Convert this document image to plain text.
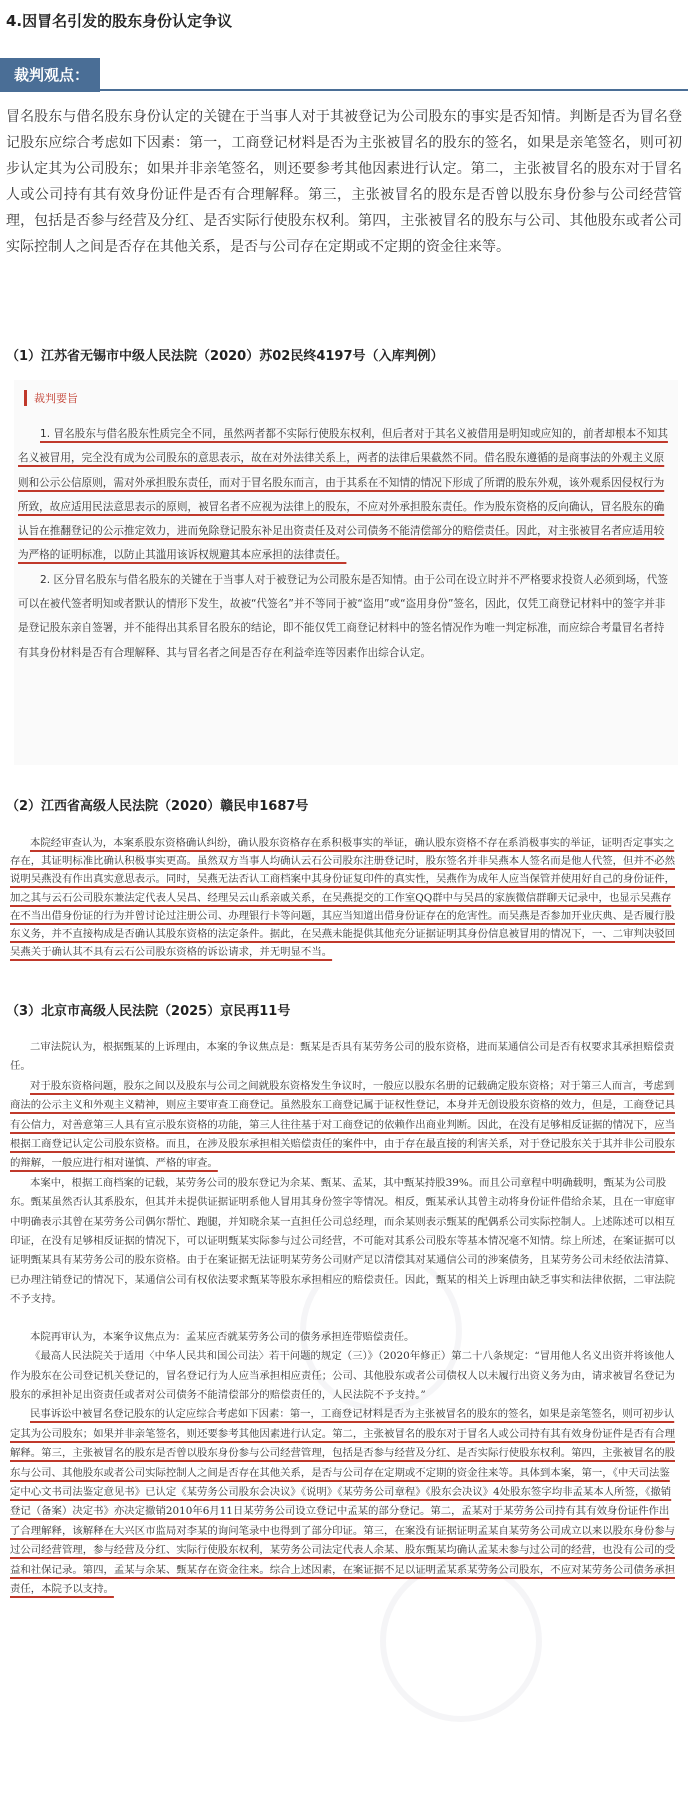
4.因冒名引发的股东身份认定争议
裁判观点：
冒名股东与借名股东身份认定的关键在于当事人对于其被登记为公司股东的事实是否知情。判断是否为冒名登记股东应综合考虑如下因素：第一，工商登记材料是否为主张被冒名的股东的签名，如果是亲笔签名，则可初步认定其为公司股东；如果并非亲笔签名，则还要参考其他因素进行认定。第二，主张被冒名的股东对于冒名人或公司持有其有效身份证件是否有合理解释。第三，主张被冒名的股东是否曾以股东身份参与公司经营管理，包括是否参与经营及分红、是否实际行使股东权利。第四，主张被冒名的股东与公司、其他股东或者公司实际控制人之间是否存在其他关系，是否与公司存在定期或不定期的资金往来等。
（1）江苏省无锡市中级人民法院（2020）苏02民终4197号（入库判例）
裁判要旨

1. 冒名股东与借名股东性质完全不同，虽然两者都不实际行使股东权利，但后者对于其名义被借用是明知或应知的，前者却根本不知其名义被冒用，完全没有成为公司股东的意思表示，故在对外法律关系上，两者的法律后果截然不同。借名股东遵循的是商事法的外观主义原则和公示公信原则，需对外承担股东责任，而对于冒名股东而言，由于其系在不知情的情况下形成了所谓的股东外观，该外观系因侵权行为所致，故应适用民法意思表示的原则，被冒名者不应视为法律上的股东，不应对外承担股东责任。作为股东资格的反向确认，冒名股东的确认旨在推翻登记的公示推定效力，进而免除登记股东补足出资责任及对公司债务不能清偿部分的赔偿责任。因此，对主张被冒名者应适用较为严格的证明标准，以防止其滥用该诉权规避其本应承担的法律责任。

2. 区分冒名股东与借名股东的关键在于当事人对于被登记为公司股东是否知情。由于公司在设立时并不严格要求投资人必须到场，代签可以在被代签者明知或者默认的情形下发生，故被“代签名”并不等同于被“盗用”或“盗用身份”签名，因此，仅凭工商登记材料中的签字并非是登记股东亲自签署，并不能得出其系冒名股东的结论，即不能仅凭工商登记材料中的签名情况作为唯一判定标准，而应综合考量冒名者持有其身份材料是否有合理解释、其与冒名者之间是否存在利益牵连等因素作出综合认定。

（2）江西省高级人民法院（2020）赣民申1687号

本院经审查认为，本案系股东资格确认纠纷，确认股东资格存在系积极事实的举证，确认股东资格不存在系消极事实的举证，证明否定事实之存在，其证明标准比确认积极事实更高。虽然双方当事人均确认云石公司股东注册登记时，股东签名并非吴燕本人签名而是他人代签，但并不必然说明吴燕没有作出真实意思表示。同时，吴燕无法否认工商档案中其身份证复印件的真实性，吴燕作为成年人应当保管并使用好自己的身份证件，加之其与云石公司股东兼法定代表人吴昌、经理吴云山系亲戚关系，在吴燕提交的工作室QQ群中与吴昌的家族微信群聊天记录中，也显示吴燕存在不当出借身份证的行为并曾讨论过注册公司、办理银行卡等问题，其应当知道出借身份证存在的危害性。而吴燕是否参加开业庆典、是否履行股东义务，并不直接构成是否确认其股东资格的法定条件。据此，在吴燕未能提供其他充分证据证明其身份信息被冒用的情况下，一、二审判决驳回吴燕关于确认其不具有云石公司股东资格的诉讼请求，并无明显不当。

（3）北京市高级人民法院（2025）京民再11号

二审法院认为，根据甄某的上诉理由，本案的争议焦点是：甄某是否具有某劳务公司的股东资格，进而某通信公司是否有权要求其承担赔偿责任。

对于股东资格问题，股东之间以及股东与公司之间就股东资格发生争议时，一般应以股东名册的记载确定股东资格；对于第三人而言，考虑到商法的公示主义和外观主义精神，则应主要审查工商登记。虽然股东工商登记属于证权性登记，本身并无创设股东资格的效力，但是，工商登记具有公信力，对善意第三人具有宣示股东资格的功能，第三人往往基于对工商登记的依赖作出商业判断。因此，在没有足够相反证据的情况下，应当根据工商登记认定公司股东资格。而且，在涉及股东承担相关赔偿责任的案件中，由于存在最直接的利害关系，对于登记股东关于其并非公司股东的辩解，一般应进行相对谨慎、严格的审查。

本案中，根据工商档案的记载，某劳务公司的股东登记为余某、甄某、孟某，其中甄某持股39%。而且公司章程中明确载明，甄某为公司股东。甄某虽然否认其系股东，但其并未提供证据证明系他人冒用其身份签字等情况。相反，甄某承认其曾主动将身份证件借给余某，且在一审庭审中明确表示其曾在某劳务公司偶尔帮忙、跑腿，并知晓余某一直担任公司总经理，而余某则表示甄某的配偶系公司实际控制人。上述陈述可以相互印证，在没有足够相反证据的情况下，可以证明甄某实际参与过公司经营，不可能对其系公司股东等基本情况毫不知情。综上所述，在案证据可以证明甄某具有某劳务公司的股东资格。由于在案证据无法证明某劳务公司财产足以清偿其对某通信公司的涉案债务，且某劳务公司未经依法清算、已办理注销登记的情况下，某通信公司有权依法要求甄某等股东承担相应的赔偿责任。因此，甄某的相关上诉理由缺乏事实和法律依据，二审法院不予支持。

本院再审认为，本案争议焦点为：孟某应否就某劳务公司的债务承担连带赔偿责任。

《最高人民法院关于适用〈中华人民共和国公司法〉若干问题的规定（三）》（2020年修正）第二十八条规定：“冒用他人名义出资并将该他人作为股东在公司登记机关登记的，冒名登记行为人应当承担相应责任；公司、其他股东或者公司债权人以未履行出资义务为由，请求被冒名登记为股东的承担补足出资责任或者对公司债务不能清偿部分的赔偿责任的，人民法院不予支持。”

民事诉讼中被冒名登记股东的认定应综合考虑如下因素：第一，工商登记材料是否为主张被冒名的股东的签名，如果是亲笔签名，则可初步认定其为公司股东；如果并非亲笔签名，则还要参考其他因素进行认定。第二，主张被冒名的股东对于冒名人或公司持有其有效身份证件是否有合理解释。第三，主张被冒名的股东是否曾以股东身份参与公司经营管理，包括是否参与经营及分红、是否实际行使股东权利。第四，主张被冒名的股东与公司、其他股东或者公司实际控制人之间是否存在其他关系，是否与公司存在定期或不定期的资金往来等。具体到本案，第一，《中天司法鉴定中心文书司法鉴定意见书》已认定《某劳务公司股东会决议》《说明》《某劳务公司章程》《股东会决议》4处股东签字均非孟某本人所签，《撤销登记（备案）决定书》亦决定撤销2010年6月11日某劳务公司设立登记中孟某的部分登记。第二，孟某对于某劳务公司持有其有效身份证件作出了合理解释，该解释在大兴区市监局对李某的询问笔录中也得到了部分印证。第三，在案没有证据证明孟某自某劳务公司成立以来以股东身份参与过公司经营管理，参与经营及分红、实际行使股东权利，某劳务公司法定代表人余某、股东甄某均确认孟某未参与过公司的经营，也没有公司的受益和社保记录。第四，孟某与余某、甄某存在资金往来。综合上述因素，在案证据不足以证明孟某系某劳务公司股东，不应对某劳务公司债务承担责任，本院予以支持。
